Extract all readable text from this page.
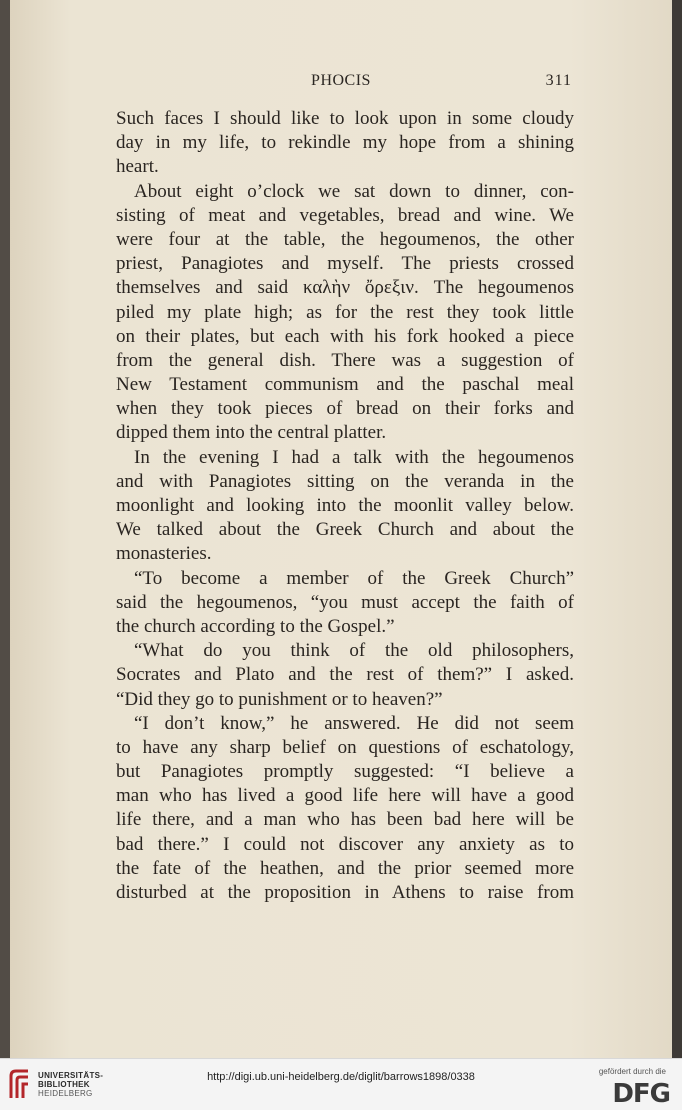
PHOCIS	311
Such faces I should like to look upon in some cloudy
day in my life, to rekindle my hope from a shining
heart.
About eight o’clock we sat down to dinner, con-
sisting of meat and vegetables, bread and wine. We
were four at the table, the hegoumenos, the other
priest, Panagiotes and myself. The priests crossed
themselves and said καλὴν ὄρεξιν. The hegoumenos
piled my plate high; as for the rest they took little
on their plates, but each with his fork hooked a piece
from the general dish. There was a suggestion of
New Testament communism and the paschal meal
when they took pieces of bread on their forks and
dipped them into the central platter.
In the evening I had a talk with the hegoumenos
and with Panagiotes sitting on the veranda in the
moonlight and looking into the moonlit valley below.
We talked about the Greek Church and about the
monasteries.
“To become a member of the Greek Church”
said the hegoumenos, “you must accept the faith of
the church according to the Gospel.”
“What do you think of the old philosophers,
Socrates and Plato and the rest of them?” I asked.
“Did they go to punishment or to heaven?”
“I don’t know,” he answered. He did not seem
to have any sharp belief on questions of eschatology,
but Panagiotes promptly suggested: “I believe a
man who has lived a good life here will have a good
life there, and a man who has been bad here will be
bad there.” I could not discover any anxiety as to
the fate of the heathen, and the prior seemed more
disturbed at the proposition in Athens to raise from
UNIVERSITÄTS-
BIBLIOTHEK
HEIDELBERG
http://digi.ub.uni-heidelberg.de/diglit/barrows1898/0338	gefördert durch die
DFG
